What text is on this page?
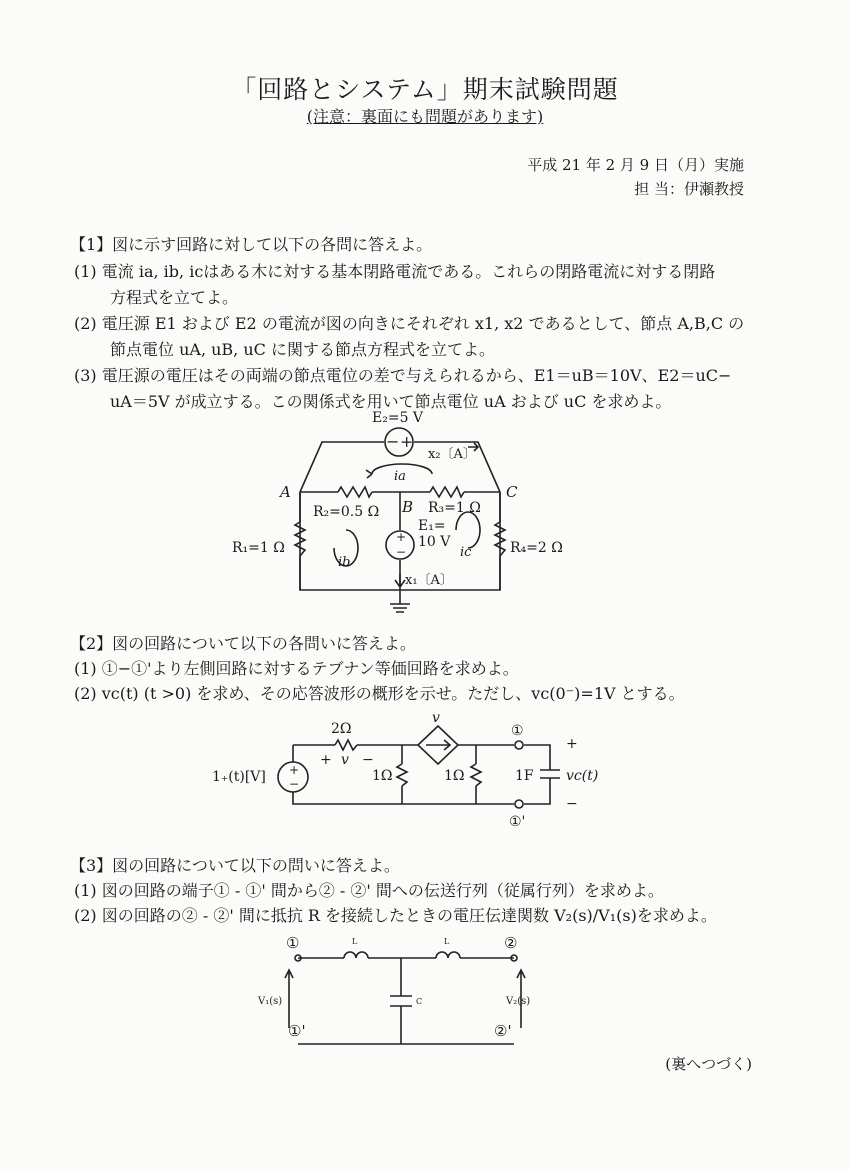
「回路とシステム」期末試験問題
(注意：裏面にも問題があります)
平成 21 年 2 月 9 日（月）実施
担 当：伊瀬教授
【1】図に示す回路に対して以下の各問に答えよ。
(1) 電流 ia, ib, icはある木に対する基本閉路電流である。これらの閉路電流に対する閉路
方程式を立てよ。
(2) 電圧源 E1 および E2 の電流が図の向きにそれぞれ x1, x2 であるとして、節点 A,B,C の
節点電位 uA, uB, uC に関する節点方程式を立てよ。
(3) 電圧源の電圧はその両端の節点電位の差で与えられるから、E1＝uB＝10V、E2＝uC−
uA＝5V が成立する。この関係式を用いて節点電位 uA および uC を求めよ。
− +
+
−
E₂=5 V
x₂〔A〕
ia
A
B
C
R₂=0.5 Ω	R₃=1 Ω
R₁=1 Ω	R₄=2 Ω
E₁=
10 V
ib
ic
x₁〔A〕
+
−
2Ω
v
+ v −
1Ω	1Ω	1F vc(t)
+
−
1₊(t)[V]
①
①'
①	②
①'	②'
L	L
C
V₁(s)	V₂(s)
【2】図の回路について以下の各問いに答えよ。
(1) ①−①'より左側回路に対するテブナン等価回路を求めよ。
(2) vc(t) (t >0) を求め、その応答波形の概形を示せ。ただし、vc(0⁻)=1V とする。
【3】図の回路について以下の問いに答えよ。
(1) 図の回路の端子① - ①' 間から② - ②' 間への伝送行列（従属行列）を求めよ。
(2) 図の回路の② - ②' 間に抵抗 R を接続したときの電圧伝達関数 V₂(s)/V₁(s)を求めよ。
(裏へつづく)
